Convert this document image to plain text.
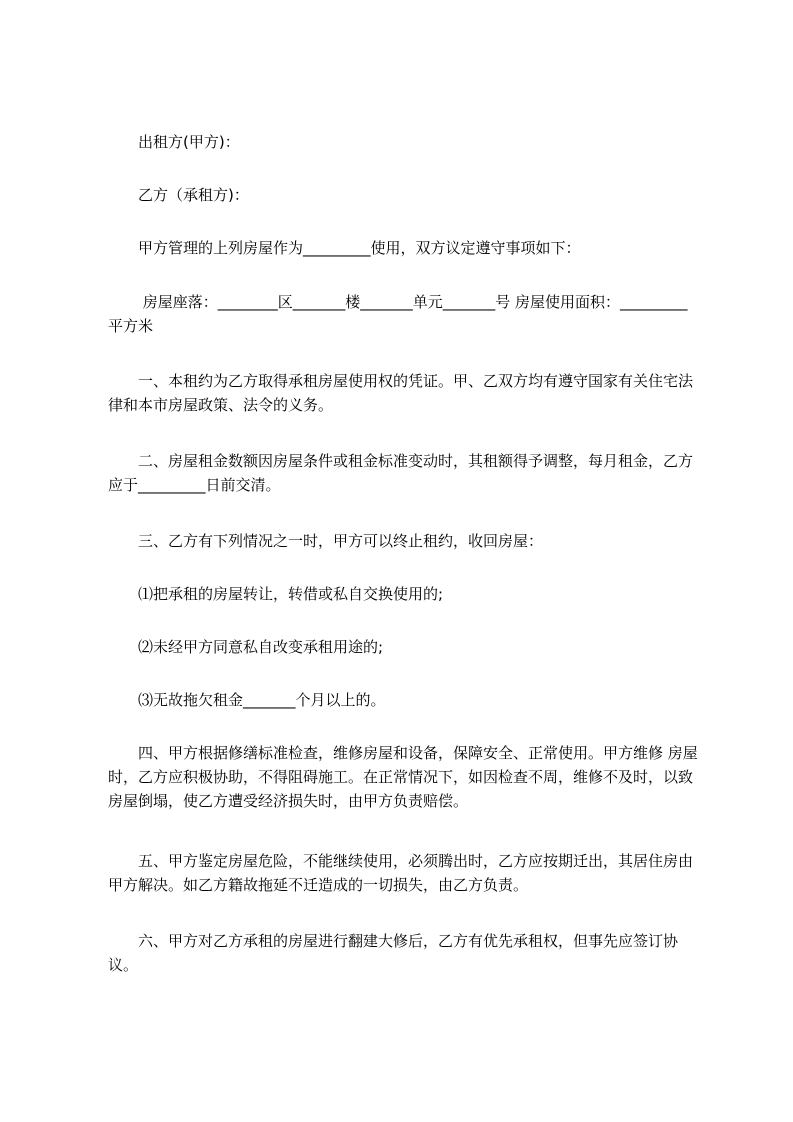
　　出租方(甲方)：

　　乙方（承租方)：

　　甲方管理的上列房屋作为_________使用，双方议定遵守事项如下：

　　 房屋座落：________区_______楼_______单元_______号 房屋使用面积：_________平方米

　　一、本租约为乙方取得承租房屋使用权的凭证。甲、乙双方均有遵守国家有关住宅法律和本市房屋政策、法令的义务。

　　二、房屋租金数额因房屋条件或租金标准变动时，其租额得予调整，每月租金，乙方应于_________日前交清。

　　三、乙方有下列情况之一时，甲方可以终止租约，收回房屋：

　　⑴把承租的房屋转让，转借或私自交换使用的;

　　⑵未经甲方同意私自改变承租用途的;

　　⑶无故拖欠租金_______个月以上的。

　　四、甲方根据修缮标准检查，维修房屋和设备，保障安全、正常使用。甲方维修 房屋时，乙方应积极协助，不得阻碍施工。在正常情况下，如因检查不周，维修不及时，以致房屋倒塌，使乙方遭受经济损失时，由甲方负责赔偿。

　　五、甲方鉴定房屋危险，不能继续使用，必须腾出时，乙方应按期迁出，其居住房由甲方解决。如乙方籍故拖延不迁造成的一切损失，由乙方负责。

　　六、甲方对乙方承租的房屋进行翻建大修后，乙方有优先承租权，但事先应签订协议。
